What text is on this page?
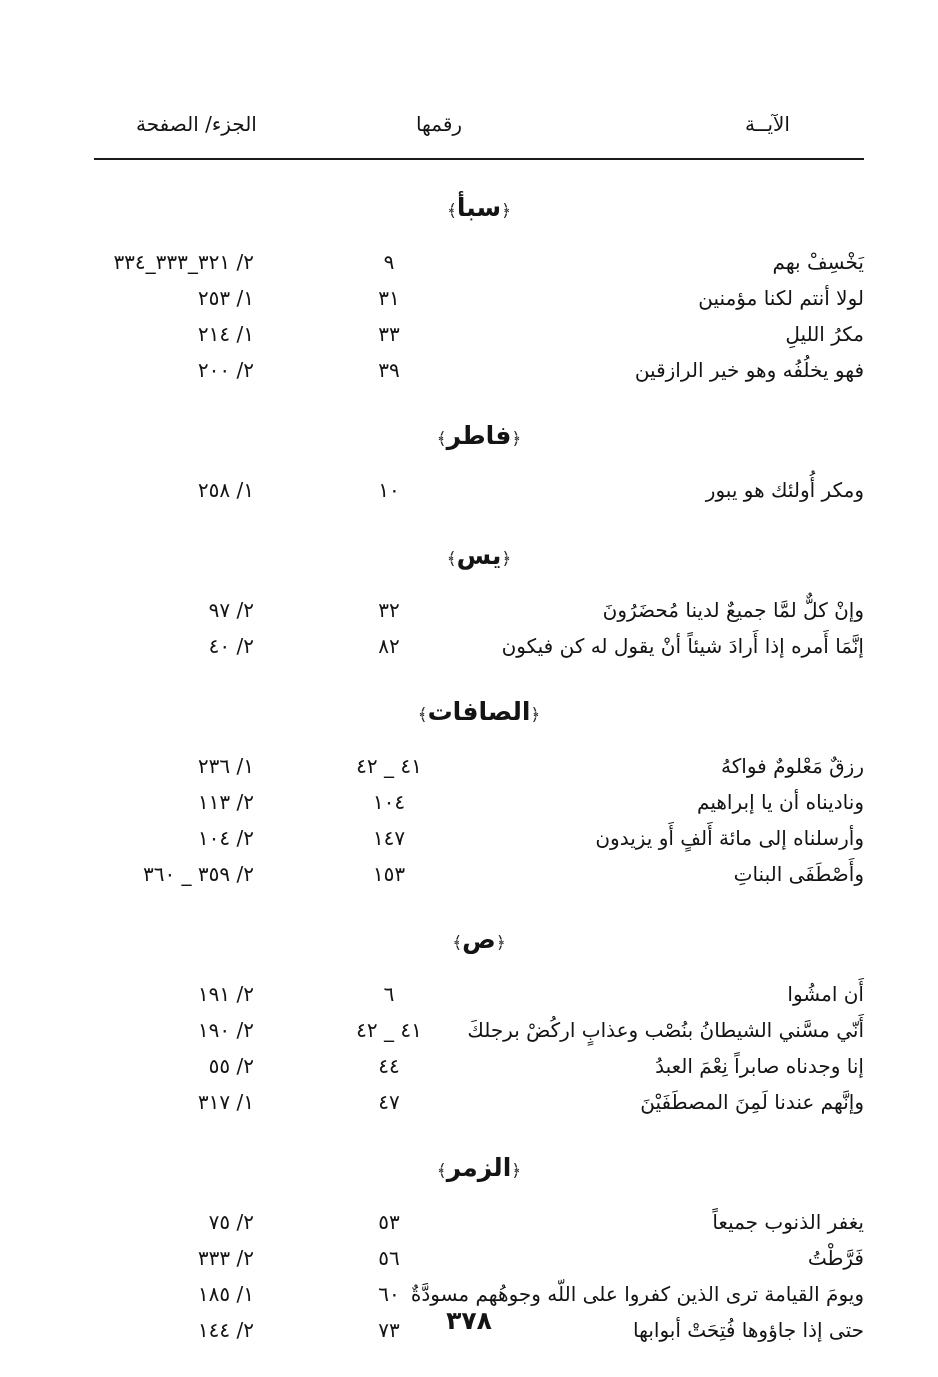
الآيــة
رقمها
الجزء/ الصفحة
﴿سبأ﴾
يَخْسِفْ بهم
٩
٢/ ٣٢١_٣٣٣_٣٣٤
لولا أنتم لكنا مؤمنين
٣١
١/ ٢٥٣
مكرُ الليلِ
٣٣
١/ ٢١٤
فهو يخلُفُه وهو خير الرازقين
٣٩
٢/ ٢٠٠
﴿فاطر﴾
ومكر أُولئك هو يبور
١٠
١/ ٢٥٨
﴿يس﴾
وإنْ كلٌّ لمَّا جميعٌ لدينا مُحضَرُونَ
٣٢
٢/ ٩٧
إنَّمَا أَمره إذا أَرادَ شيئاً أنْ يقول له كن فيكون
٨٢
٢/ ٤٠
﴿الصافات﴾
رزقٌ مَعْلومٌ فواكهُ
٤١ _ ٤٢
١/ ٢٣٦
وناديناه أن يا إبراهيم
١٠٤
٢/ ١١٣
وأرسلناه إلى مائة أَلفٍ أَو يزيدون
١٤٧
٢/ ١٠٤
وأَصْطَفَى البناتِ
١٥٣
٢/ ٣٥٩ _ ٣٦٠
﴿ص﴾
أَن امشُوا
٦
٢/ ١٩١
أَنّي مسَّني الشيطانُ بنُصْب وعذابٍ اركُضْ برجلكَ
٤١ _ ٤٢
٢/ ١٩٠
إنا وجدناه صابراً نِعْمَ العبدُ
٤٤
٢/ ٥٥
وإنَّهم عندنا لَمِنَ المصطَفَيْنَ
٤٧
١/ ٣١٧
﴿الزمر﴾
يغفر الذنوب جميعاً
٥٣
٢/ ٧٥
فَرَّطْتُ
٥٦
٢/ ٣٣٣
ويومَ القيامة ترى الذين كفروا على اللّه وجوهُهم مسودَّةٌ
٦٠
١/ ١٨٥
حتى إذا جاؤوها فُتِحَتْ أبوابها
٧٣
٢/ ١٤٤	٣٧٨
